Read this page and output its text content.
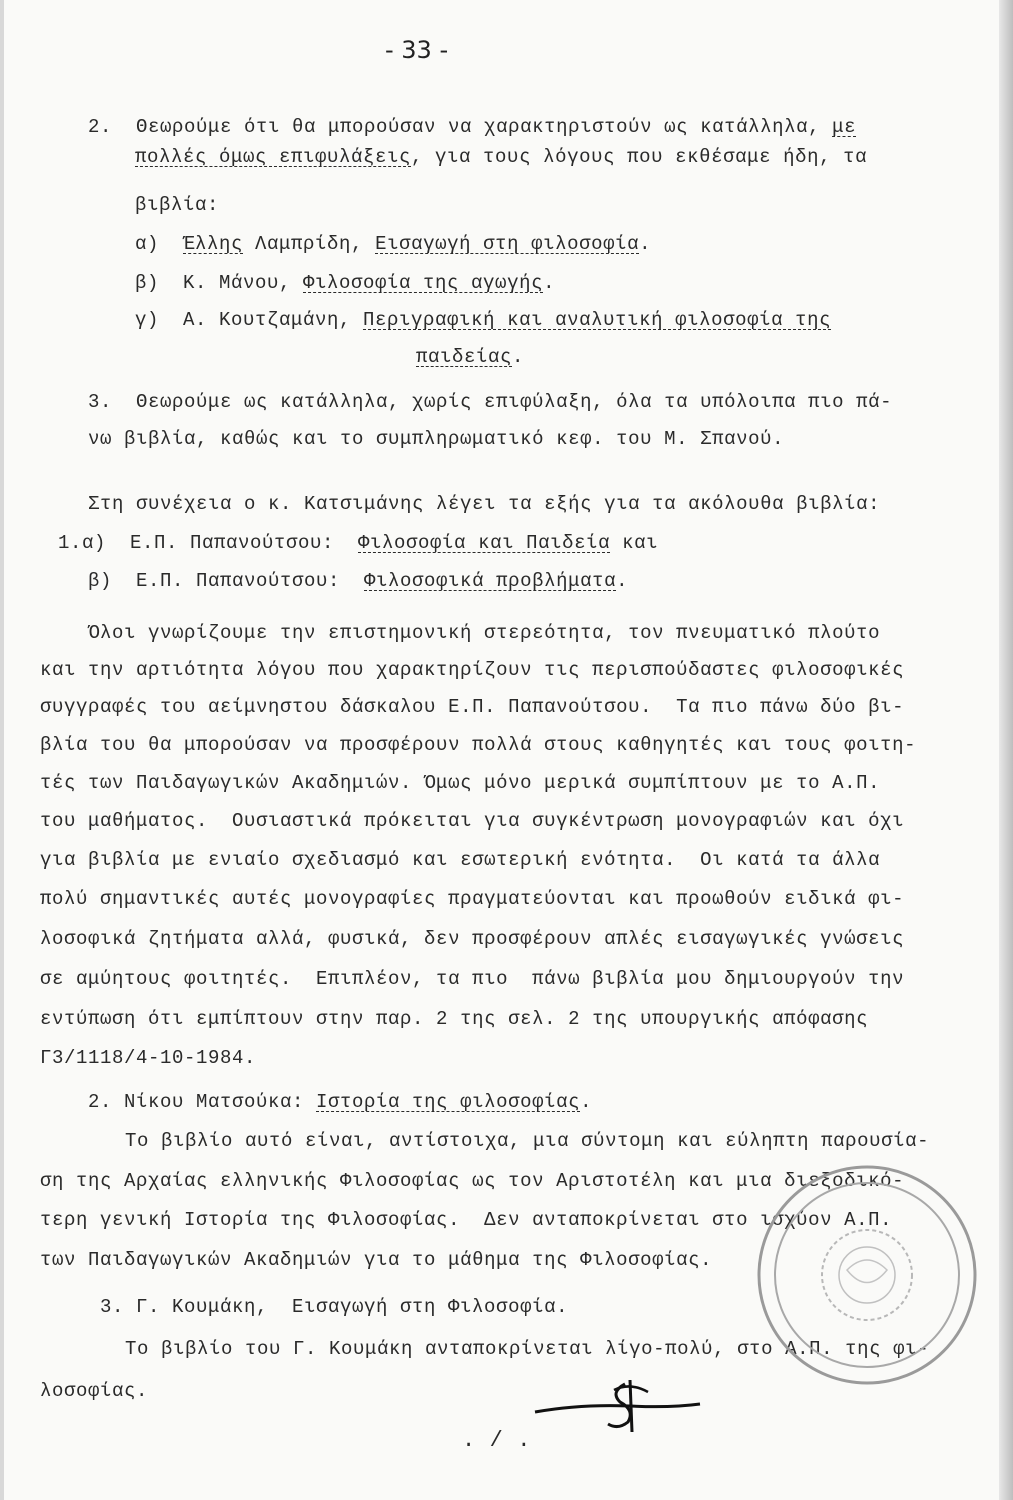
- 33 -
2.  Θεωρούμε ότι θα μπορούσαν να χαρακτηριστούν ως κατάλληλα, με
πολλές όμως επιφυλάξεις, για τους λόγους που εκθέσαμε ήδη, τα
βιβλία:
α)  Έλλης Λαμπρίδη, Εισαγωγή στη φιλοσοφία.
β)  Κ. Μάνου, Φιλοσοφία της αγωγής.
γ)  Α. Κουτζαμάνη, Περιγραφική και αναλυτική φιλοσοφία της
παιδείας.
3.  Θεωρούμε ως κατάλληλα, χωρίς επιφύλαξη, όλα τα υπόλοιπα πιο πά-
νω βιβλία, καθώς και το συμπληρωματικό κεφ. του Μ. Σπανού.
Στη συνέχεια ο κ. Κατσιμάνης λέγει τα εξής για τα ακόλουθα βιβλία:
1.α)  Ε.Π. Παπανούτσου:  Φιλοσοφία και Παιδεία και
β)  Ε.Π. Παπανούτσου:  Φιλοσοφικά προβλήματα.
Όλοι γνωρίζουμε την επιστημονική στερεότητα, τον πνευματικό πλούτο
και την αρτιότητα λόγου που χαρακτηρίζουν τις περισπούδαστες φιλοσοφικές
συγγραφές του αείμνηστου δάσκαλου Ε.Π. Παπανούτσου.  Τα πιο πάνω δύο βι-
βλία του θα μπορούσαν να προσφέρουν πολλά στους καθηγητές και τους φοιτη-
τές των Παιδαγωγικών Ακαδημιών. Όμως μόνο μερικά συμπίπτουν με το Α.Π.
του μαθήματος.  Ουσιαστικά πρόκειται για συγκέντρωση μονογραφιών και όχι
για βιβλία με ενιαίο σχεδιασμό και εσωτερική ενότητα.  Οι κατά τα άλλα
πολύ σημαντικές αυτές μονογραφίες πραγματεύονται και προωθούν ειδικά φι-
λοσοφικά ζητήματα αλλά, φυσικά, δεν προσφέρουν απλές εισαγωγικές γνώσεις
σε αμύητους φοιτητές.  Επιπλέον, τα πιο  πάνω βιβλία μου δημιουργούν την
εντύπωση ότι εμπίπτουν στην παρ. 2 της σελ. 2 της υπουργικής απόφασης
Γ3/1118/4-10-1984.
2. Νίκου Ματσούκα: Ιστορία της φιλοσοφίας.
Το βιβλίο αυτό είναι, αντίστοιχα, μια σύντομη και εύληπτη παρουσία-
ση της Αρχαίας ελληνικής Φιλοσοφίας ως τον Αριστοτέλη και μια διεξοδικό-
τερη γενική Ιστορία της Φιλοσοφίας.  Δεν ανταποκρίνεται στο ισχύον Α.Π.
των Παιδαγωγικών Ακαδημιών για το μάθημα της Φιλοσοφίας.
3. Γ. Κουμάκη,  Εισαγωγή στη Φιλοσοφία.
Το βιβλίο του Γ. Κουμάκη ανταποκρίνεται λίγο-πολύ, στο Α.Π. της φι-
λοσοφίας.
. / .
